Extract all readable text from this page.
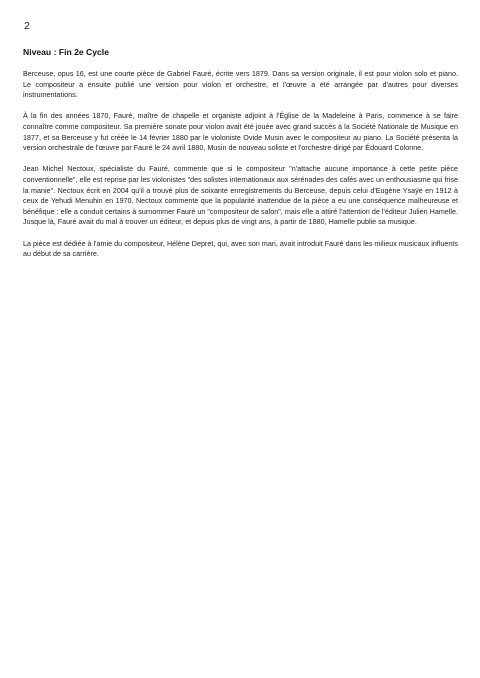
2
Niveau : Fin 2e Cycle

Berceuse, opus 16, est une courte pièce de Gabriel Fauré, écrite vers 1879. Dans sa version originale, il est pour violon solo et piano. Le compositeur a ensuite publié une version pour violon et orchestre, et l'œuvre a été arrangée par d'autres pour diverses instrumentations.

À la fin des années 1870, Fauré, maître de chapelle et organiste adjoint à l'Église de la Madeleine à Paris, commence à se faire connaître comme compositeur. Sa première sonate pour violon avait été jouée avec grand succès à la Société Nationale de Musique en 1877, et sa Berceuse y fut créée le 14 février 1880 par le violoniste Ovide Musin avec le compositeur au piano. La Société présenta la version orchestrale de l'œuvre par Fauré le 24 avril 1880, Musin de nouveau soliste et l'orchestre dirigé par Édouard Colonne.

Jean Michel Nectoux, spécialiste du Fauré, commente que si le compositeur "n'attache aucune importance à cette petite pièce conventionnelle", elle est reprise par les violonistes "des solistes internationaux aux sérénades des cafés avec un enthousiasme qui frise la manie". Nectoux écrit en 2004 qu'il a trouvé plus de soixante enregistrements du Berceuse, depuis celui d'Eugène Ysaÿe en 1912 à ceux de Yehudi Menuhin en 1970. Nectoux commente que la popularité inattendue de la pièce a eu une conséquence malheureuse et bénéfique : elle a conduit certains à surnommer Fauré un "compositeur de salon", mais elle a attiré l'attention de l'éditeur Julien Hamelle. Jusque là, Fauré avait du mal à trouver un éditeur, et depuis plus de vingt ans, à partir de 1880, Hamelle publie sa musique.

La pièce est dédiée à l'amie du compositeur, Hélène Depret, qui, avec son mari, avait introduit Fauré dans les milieux musicaux influents au début de sa carrière.
